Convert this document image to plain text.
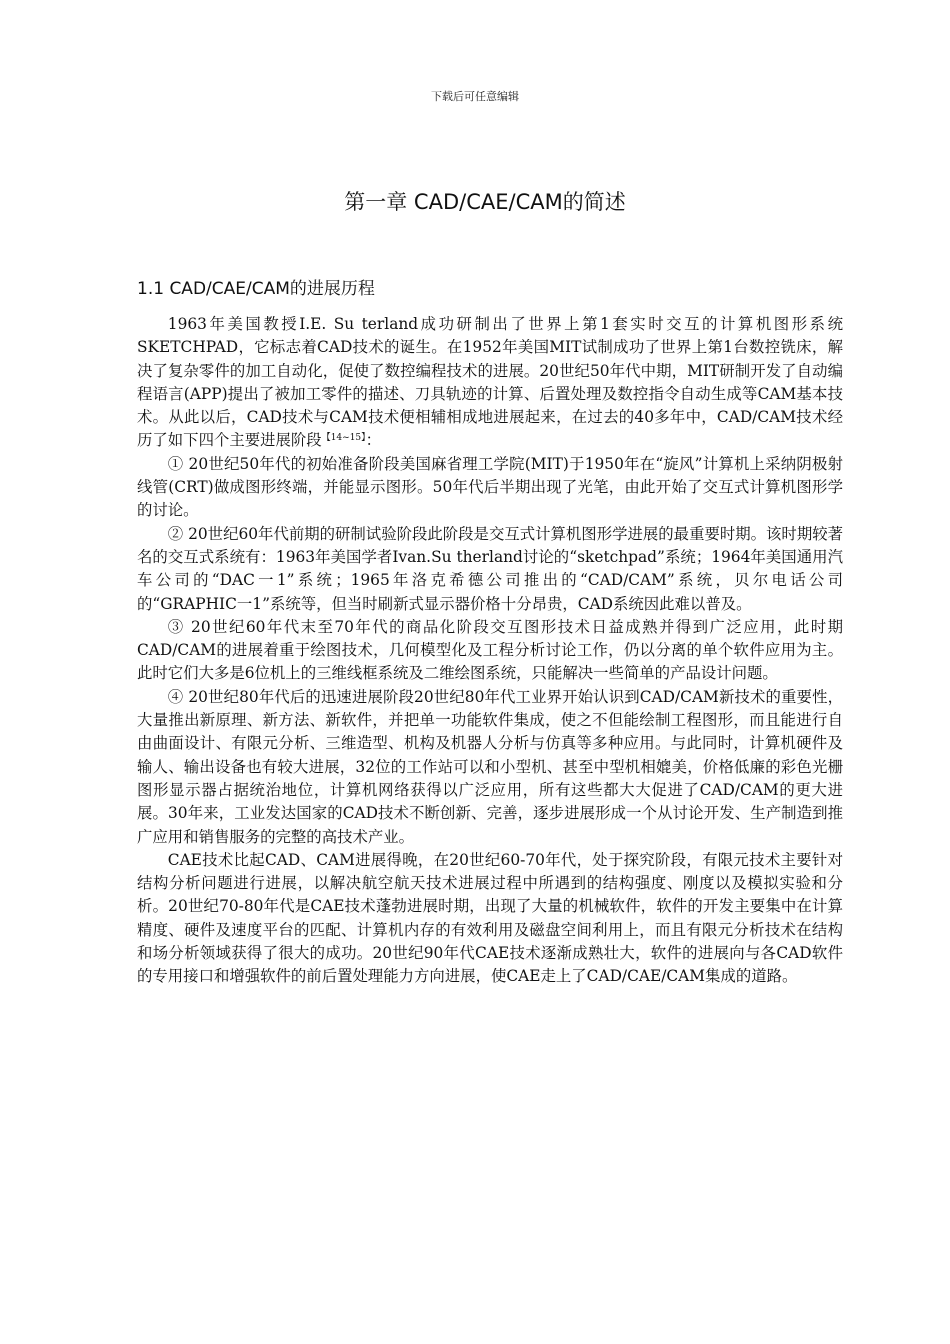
下载后可任意编辑
第一章 CAD/CAE/CAM的简述
1.1 CAD/CAE/CAM的进展历程

1963年美国教授I.E. Su terland成功研制出了世界上第1套实时交互的计算机图形系统SKETCHPAD，它标志着CAD技术的诞生。在1952年美国MIT试制成功了世界上第1台数控铣床，解决了复杂零件的加工自动化，促使了数控编程技术的进展。20世纪50年代中期，MIT研制开发了自动编程语言(APP)提出了被加工零件的描述、刀具轨迹的计算、后置处理及数控指令自动生成等CAM基本技术。从此以后，CAD技术与CAM技术便相辅相成地进展起来，在过去的40多年中，CAD/CAM技术经历了如下四个主要进展阶段$^{【14\sim 15】}$：

① 20世纪50年代的初始准备阶段美国麻省理工学院(MIT)于1950年在“旋风”计算机上采纳阴极射线管(CRT)做成图形终端，并能显示图形。50年代后半期出现了光笔，由此开始了交互式计算机图形学的讨论。

② 20世纪60年代前期的研制试验阶段此阶段是交互式计算机图形学进展的最重要时期。该时期较著名的交互式系统有：1963年美国学者Ivan.Su therland讨论的“sketchpad”系统；1964年美国通用汽车公司的“DAC一1”系统；1965年洛克希德公司推出的“CAD/CAM”系统，贝尔电话公司的“GRAPHIC一1”系统等，但当时刷新式显示器价格十分昂贵，CAD系统因此难以普及。

③ 20世纪60年代末至70年代的商品化阶段交互图形技术日益成熟并得到广泛应用，此时期CAD/CAM的进展着重于绘图技术，几何模型化及工程分析讨论工作，仍以分离的单个软件应用为主。此时它们大多是6位机上的三维线框系统及二维绘图系统，只能解决一些简单的产品设计问题。

④ 20世纪80年代后的迅速进展阶段20世纪80年代工业界开始认识到CAD/CAM新技术的重要性，大量推出新原理、新方法、新软件，并把单一功能软件集成，使之不但能绘制工程图形，而且能进行自由曲面设计、有限元分析、三维造型、机构及机器人分析与仿真等多种应用。与此同时，计算机硬件及输人、输出设备也有较大进展，32位的工作站可以和小型机、甚至中型机相媲美，价格低廉的彩色光栅图形显示器占据统治地位，计算机网络获得以广泛应用，所有这些都大大促进了CAD/CAM的更大进展。30年来，工业发达国家的CAD技术不断创新、完善，逐步进展形成一个从讨论开发、生产制造到推广应用和销售服务的完整的高技术产业。

CAE技术比起CAD、CAM进展得晚，在20世纪60-70年代，处于探究阶段，有限元技术主要针对结构分析问题进行进展，以解决航空航天技术进展过程中所遇到的结构强度、刚度以及模拟实验和分析。20世纪70-80年代是CAE技术蓬勃进展时期，出现了大量的机械软件，软件的开发主要集中在计算精度、硬件及速度平台的匹配、计算机内存的有效利用及磁盘空间利用上，而且有限元分析技术在结构和场分析领域获得了很大的成功。20世纪90年代CAE技术逐渐成熟壮大，软件的进展向与各CAD软件的专用接口和增强软件的前后置处理能力方向进展，使CAE走上了CAD/CAE/CAM集成的道路。
